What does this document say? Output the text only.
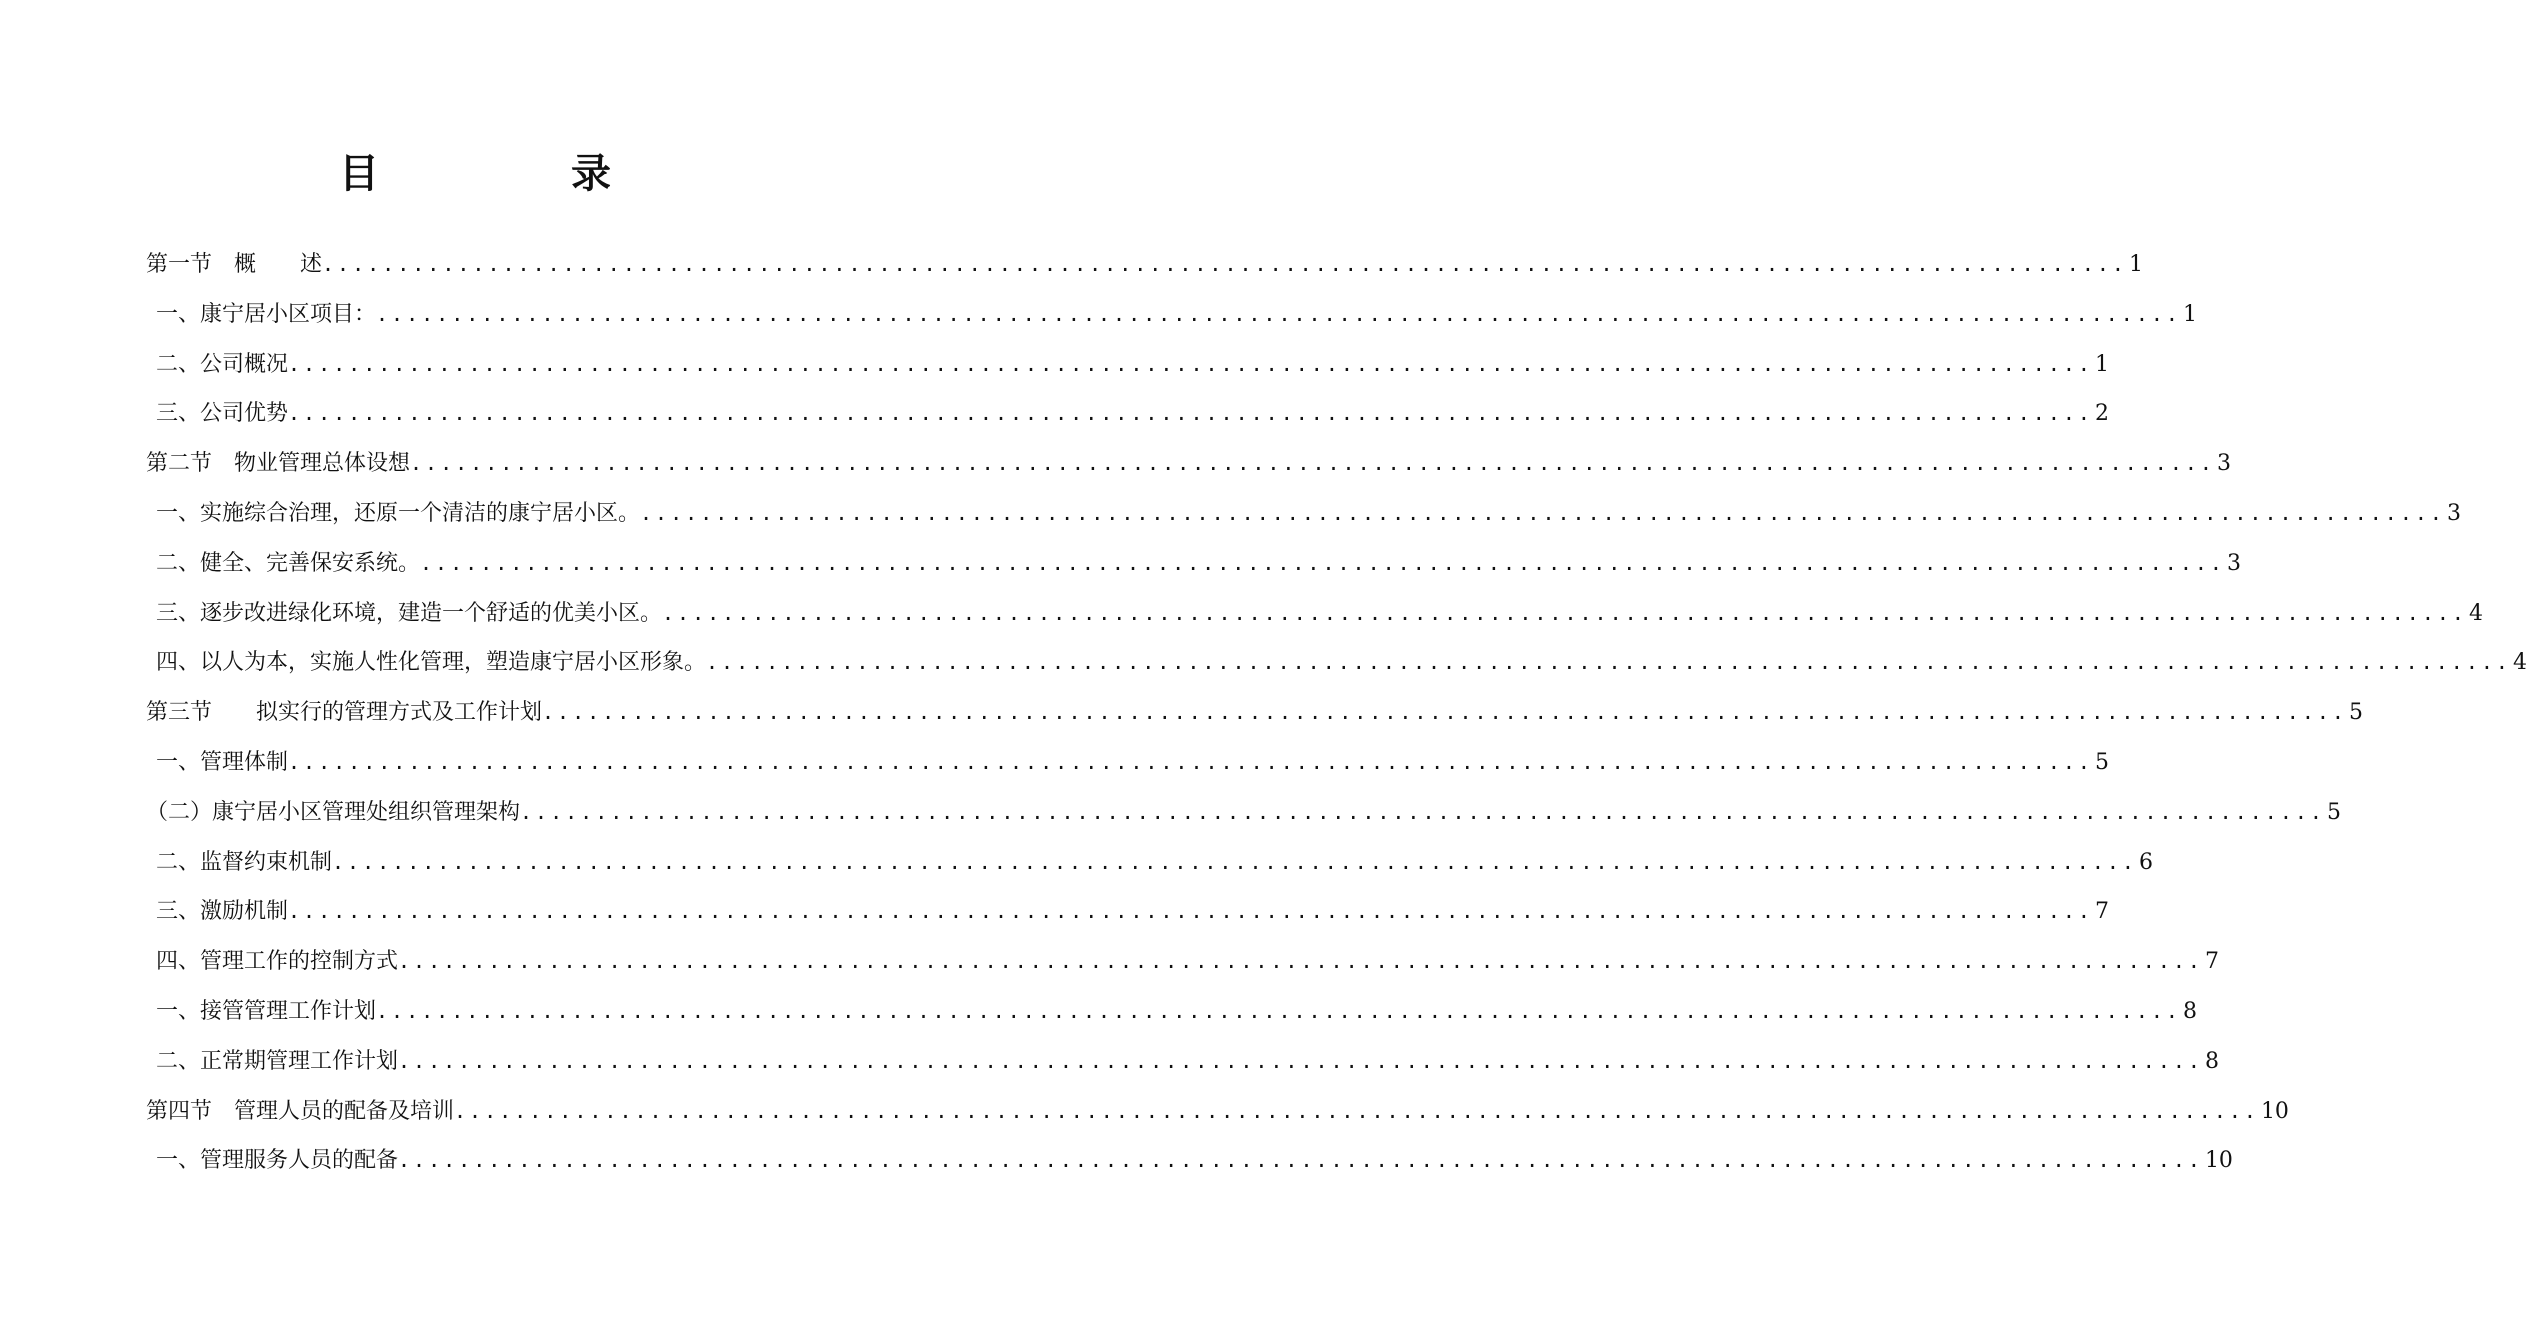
目　录
第一节　概　　述 ........................................................................................................................ 1
一、康宁居小区项目： ........................................................................................................................ 1
二、公司概况 ........................................................................................................................ 1
三、公司优势 ........................................................................................................................ 2
第二节　物业管理总体设想 ........................................................................................................................ 3
一、实施综合治理，还原一个清洁的康宁居小区。 ........................................................................................................................ 3
二、健全、完善保安系统。 ........................................................................................................................ 3
三、逐步改进绿化环境，建造一个舒适的优美小区。 ........................................................................................................................ 4
四、以人为本，实施人性化管理，塑造康宁居小区形象。 ........................................................................................................................ 4
第三节　　拟实行的管理方式及工作计划 ........................................................................................................................ 5
一、管理体制 ........................................................................................................................ 5
（二）康宁居小区管理处组织管理架构 ........................................................................................................................ 5
二、监督约束机制 ........................................................................................................................ 6
三、激励机制 ........................................................................................................................ 7
四、管理工作的控制方式 ........................................................................................................................ 7
一、接管管理工作计划 ........................................................................................................................ 8
二、正常期管理工作计划 ........................................................................................................................ 8
第四节　管理人员的配备及培训 ........................................................................................................................ 10
一、管理服务人员的配备 ........................................................................................................................ 10
